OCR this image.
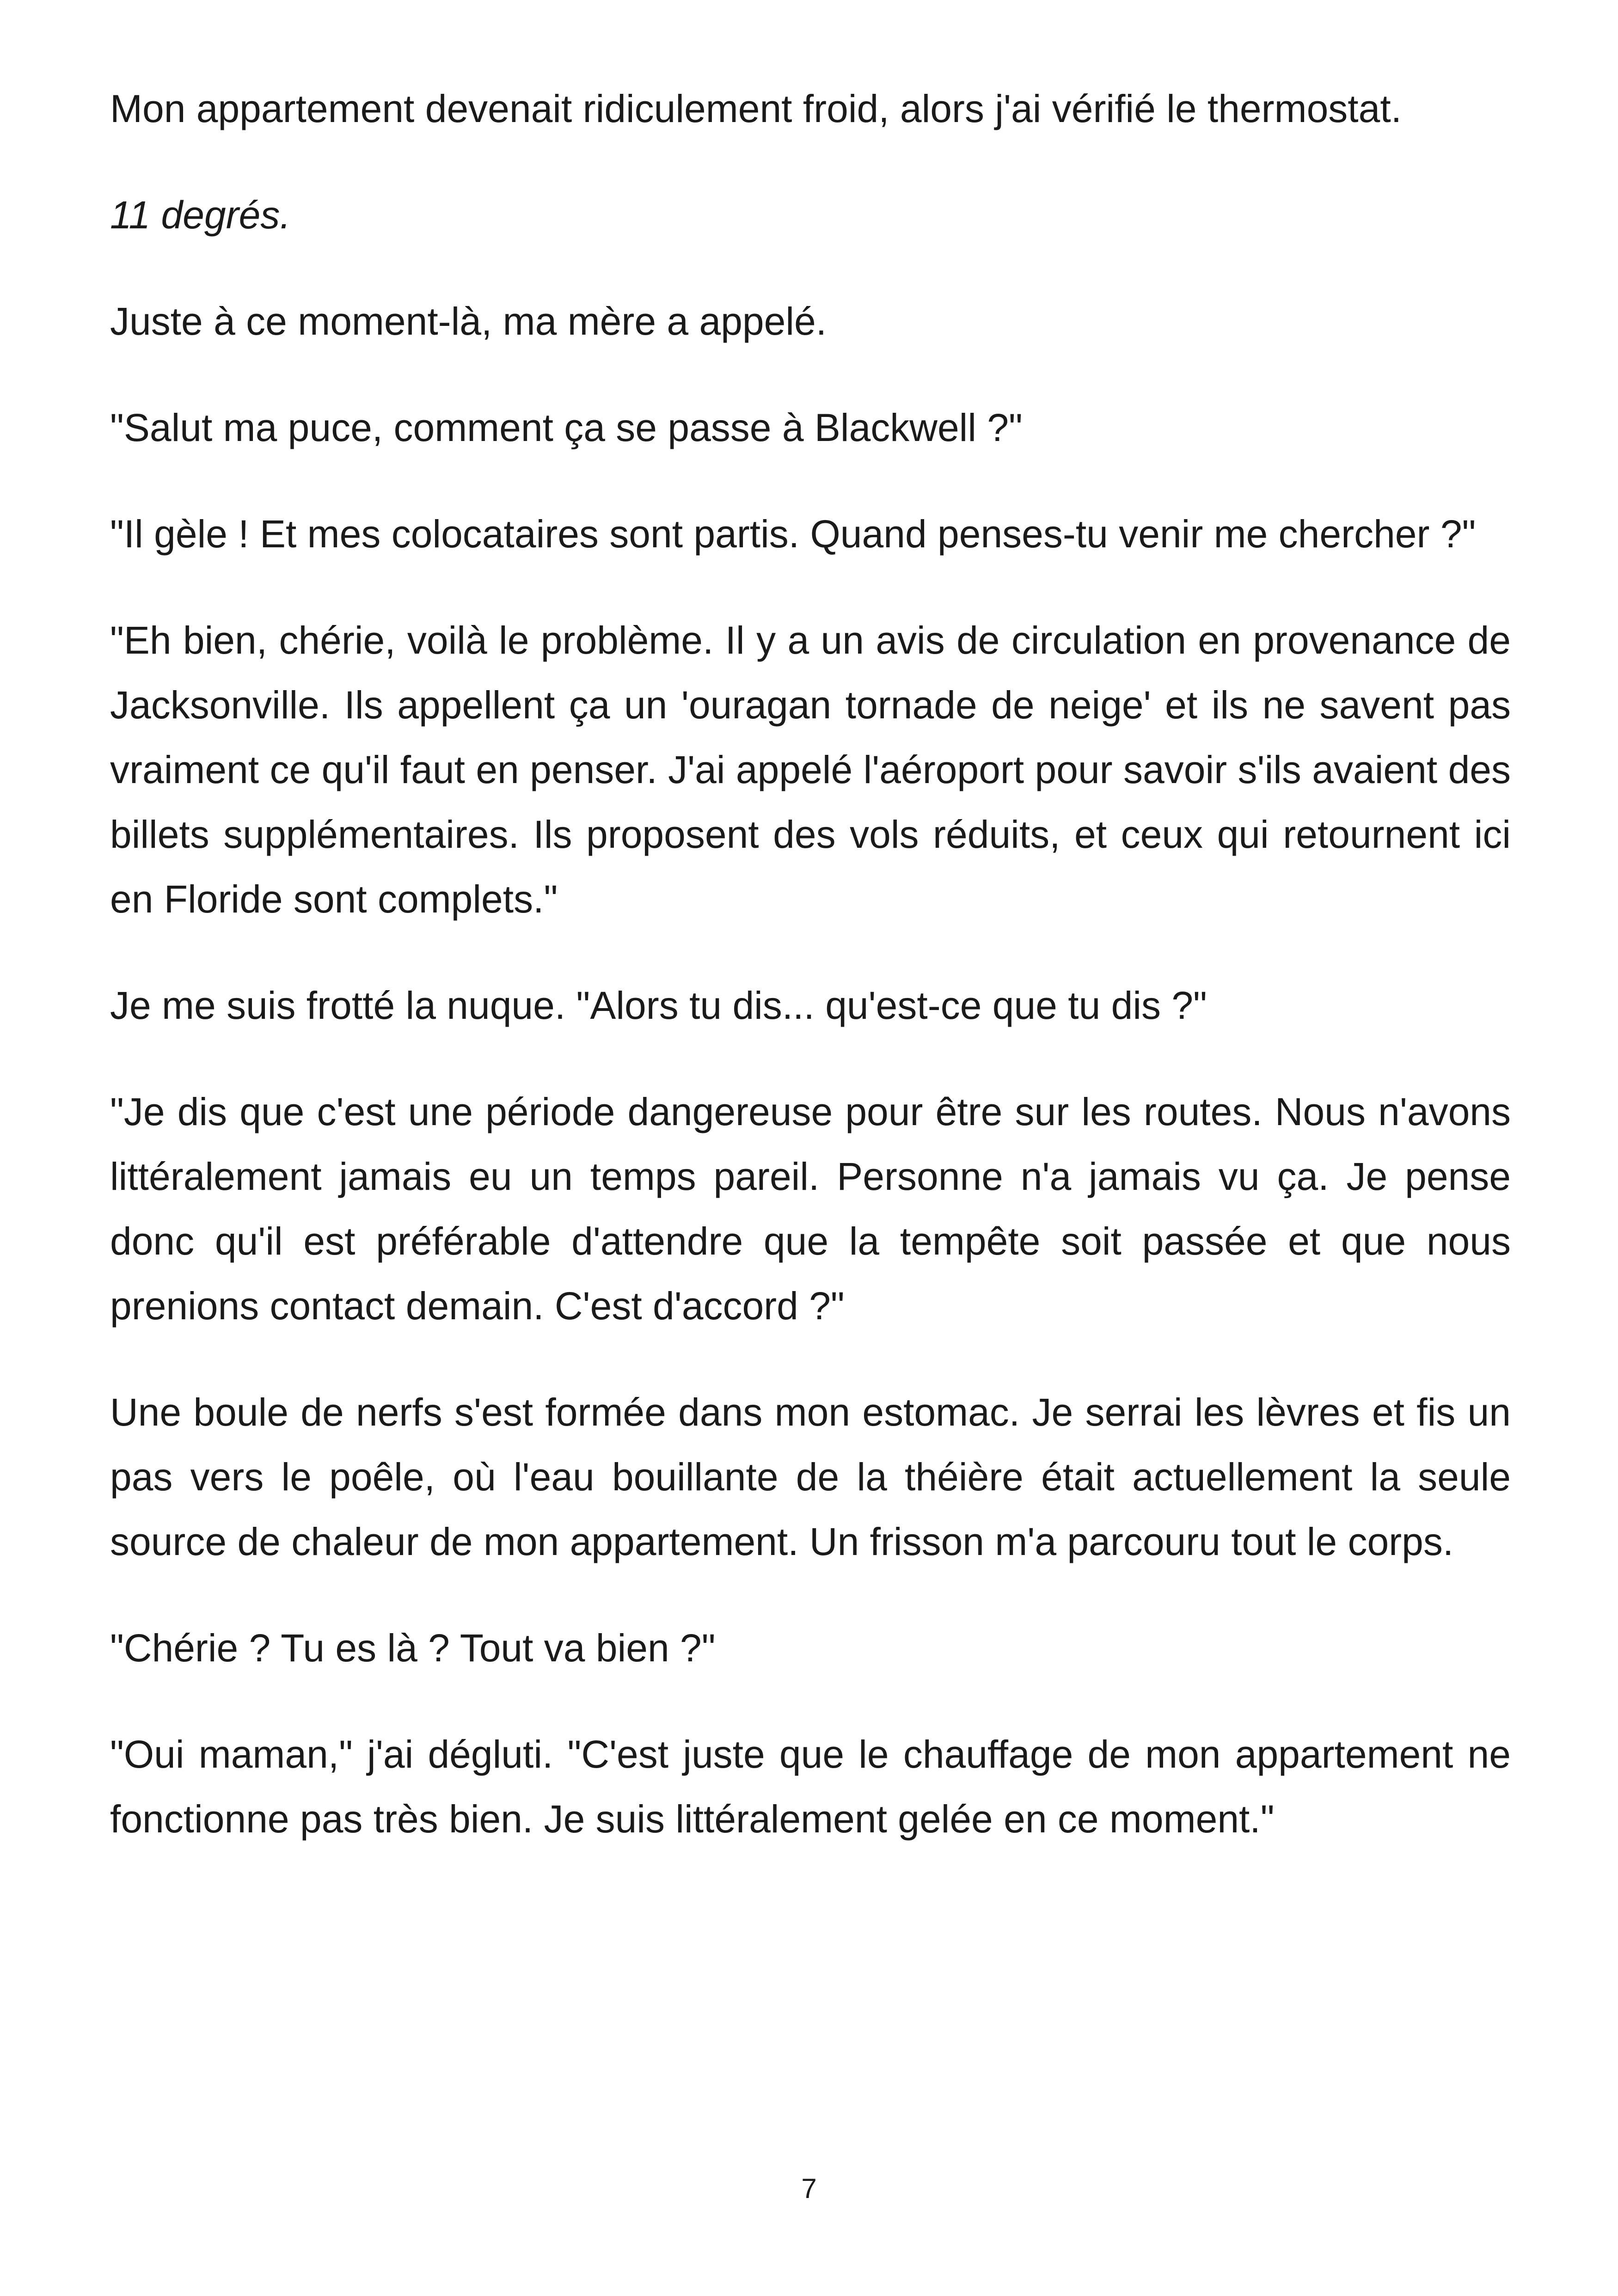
Mon appartement devenait ridiculement froid, alors j'ai vérifié le thermostat.

11 degrés.

Juste à ce moment-là, ma mère a appelé.

"Salut ma puce, comment ça se passe à Blackwell ?"

"Il gèle ! Et mes colocataires sont partis. Quand penses-tu venir me chercher ?"

"Eh bien, chérie, voilà le problème. Il y a un avis de circulation en provenance de Jacksonville. Ils appellent ça un 'ouragan tornade de neige' et ils ne savent pas vraiment ce qu'il faut en penser. J'ai appelé l'aéroport pour savoir s'ils avaient des billets supplémentaires. Ils proposent des vols réduits, et ceux qui retournent ici en Floride sont complets."

Je me suis frotté la nuque. "Alors tu dis... qu'est-ce que tu dis ?"

"Je dis que c'est une période dangereuse pour être sur les routes. Nous n'avons littéralement jamais eu un temps pareil. Personne n'a jamais vu ça. Je pense donc qu'il est préférable d'attendre que la tempête soit passée et que nous prenions contact demain. C'est d'accord ?"

Une boule de nerfs s'est formée dans mon estomac. Je serrai les lèvres et fis un pas vers le poêle, où l'eau bouillante de la théière était actuellement la seule source de chaleur de mon appartement. Un frisson m'a parcouru tout le corps.

"Chérie ? Tu es là ? Tout va bien ?"

"Oui maman," j'ai dégluti. "C'est juste que le chauffage de mon appartement ne fonctionne pas très bien. Je suis littéralement gelée en ce moment."

7
